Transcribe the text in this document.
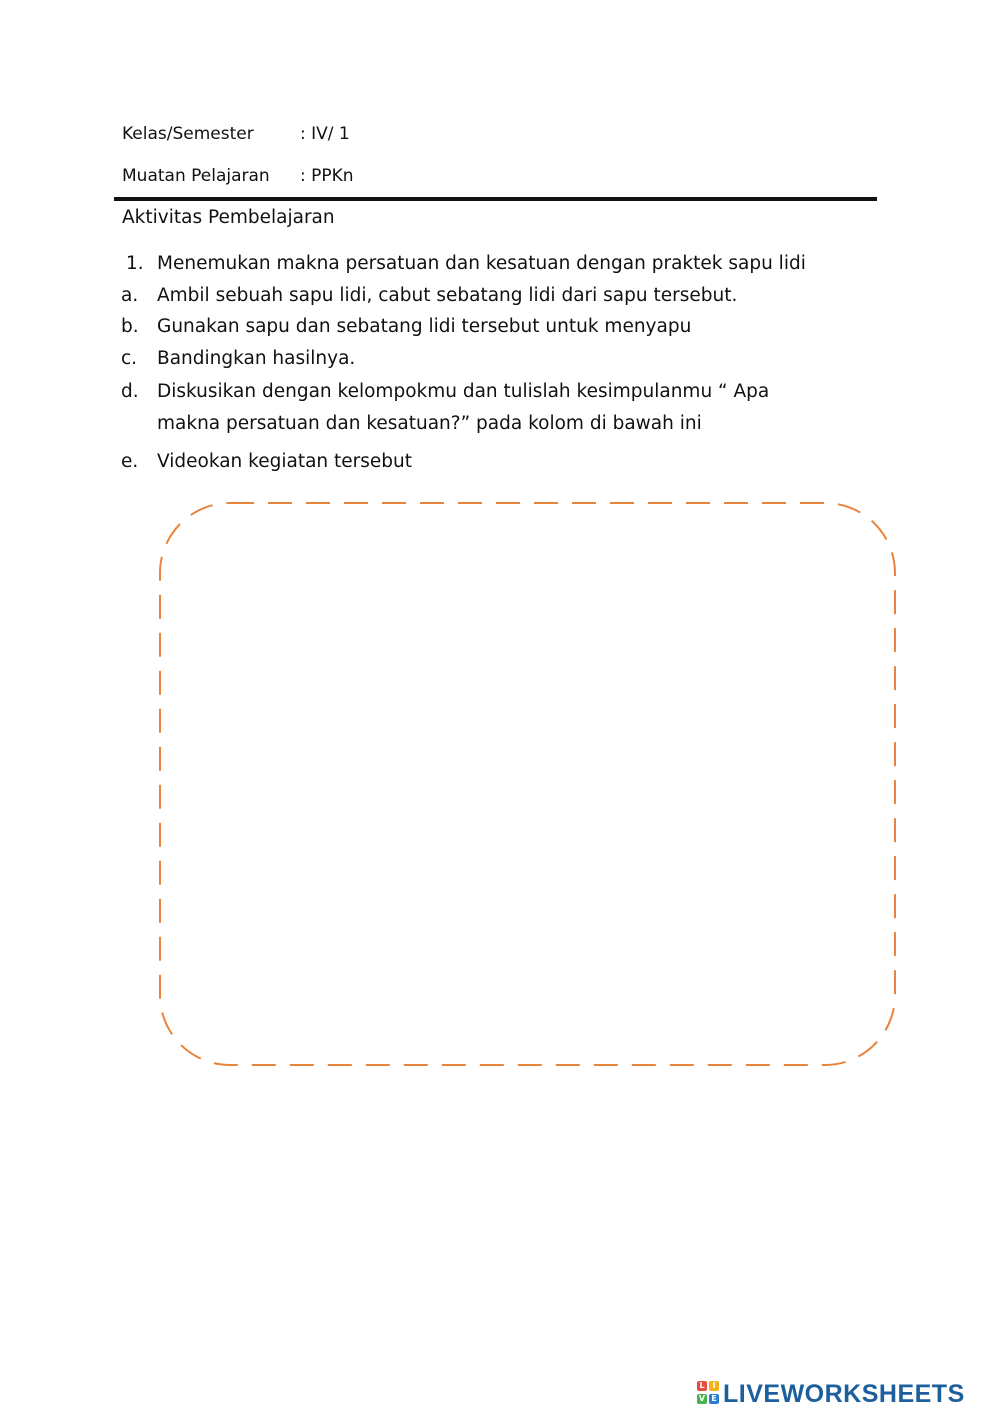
Kelas/Semester	: IV/ 1
Muatan Pelajaran : PPKn
Aktivitas Pembelajaran
1. Menemukan makna persatuan dan kesatuan dengan praktek sapu lidi
a. Ambil sebuah sapu lidi, cabut sebatang lidi dari sapu tersebut.
b. Gunakan sapu dan sebatang lidi tersebut untuk menyapu
c. Bandingkan hasilnya.
d. Diskusikan dengan kelompokmu dan tulislah kesimpulanmu “ Apa
makna persatuan dan kesatuan?” pada kolom di bawah ini
e. Videokan kegiatan tersebut
L I
V E LIVEWORKSHEETS
